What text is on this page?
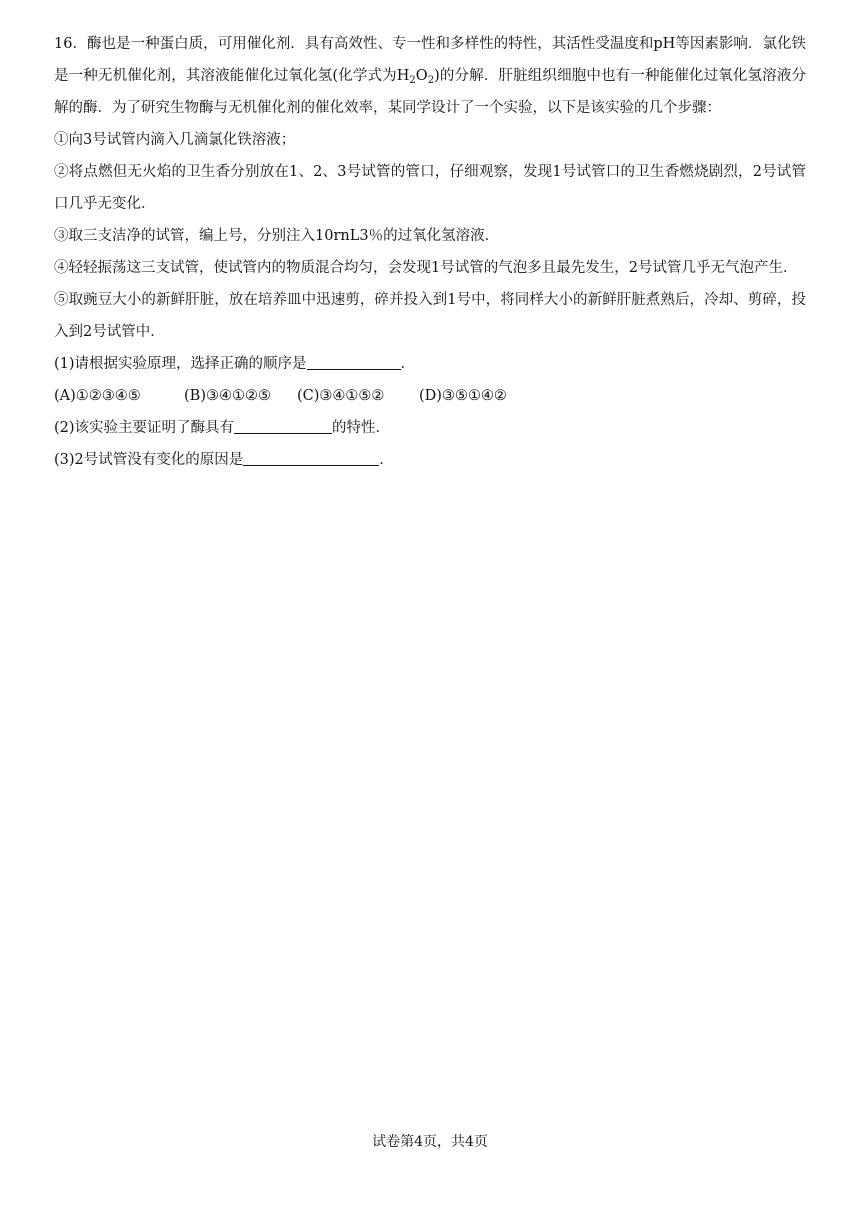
16．酶也是一种蛋白质，可用催化剂．具有高效性、专一性和多样性的特性，其活性受温度和pH等因素影响．氯化铁是一种无机催化剂，其溶液能催化过氧化氢(化学式为$H_2O_2$)的分解．肝脏组织细胞中也有一种能催化过氧化氢溶液分解的酶．为了研究生物酶与无机催化剂的催化效率，某同学设计了一个实验，以下是该实验的几个步骤：

①向3号试管内滴入几滴氯化铁溶液；

②将点燃但无火焰的卫生香分别放在1、2、3号试管的管口，仔细观察，发现1号试管口的卫生香燃烧剧烈，2号试管口几乎无变化．

③取三支洁净的试管，编上号，分别注入10rnL3％的过氧化氢溶液．

④轻轻振荡这三支试管，使试管内的物质混合均匀，会发现1号试管的气泡多且最先发生，2号试管几乎无气泡产生．

⑤取豌豆大小的新鲜肝脏，放在培养皿中迅速剪，碎并投入到1号中，将同样大小的新鲜肝脏煮熟后，冷却、剪碎，投入到2号试管中．

(1)请根据实验原理，选择正确的顺序是	．

(A)①②③④⑤	(B)③④①②⑤ (C)③④①⑤② (D)③⑤①④②

(2)该实验主要证明了酶具有	的特性．

(3)2号试管没有变化的原因是	．

试卷第4页，共4页
